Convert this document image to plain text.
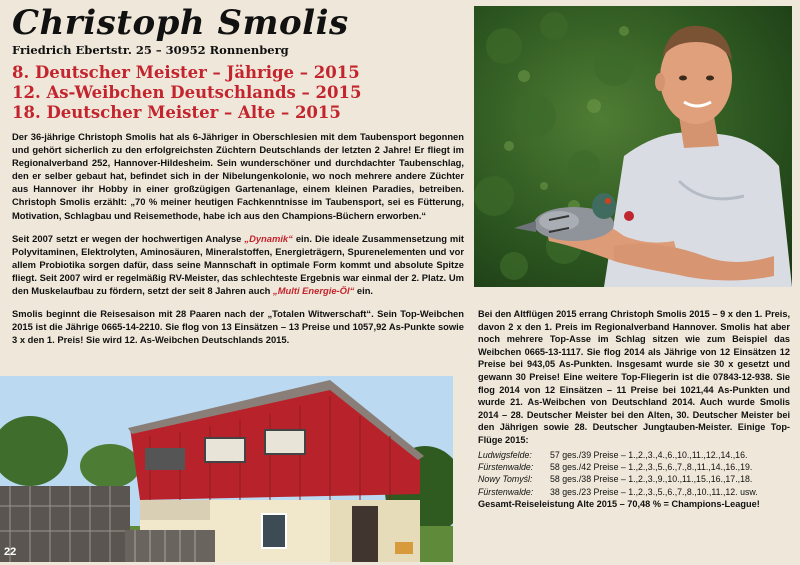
Christoph Smolis
Friedrich Ebertstr. 25 – 30952 Ronnenberg
8. Deutscher Meister – Jährige – 2015
12. As-Weibchen Deutschlands – 2015
18. Deutscher Meister – Alte – 2015

Der 36-jährige Christoph Smolis hat als 6-Jähriger in Oberschlesien mit dem Taubensport begonnen und gehört sicherlich zu den erfolgreichsten Züchtern Deutschlands der letzten 2 Jahre! Er fliegt im Regionalverband 252, Hannover-Hildesheim. Sein wunderschöner und durchdachter Taubenschlag, den er selber gebaut hat, befindet sich in der Nibelungenkolonie, wo noch mehrere andere Züchter aus Hannover ihr Hobby in einer großzügigen Gartenanlage, einem kleinen Paradies, betreiben. Christoph Smolis erzählt: „70 % meiner heutigen Fachkenntnisse im Taubensport, sei es Fütterung, Motivation, Schlagbau und Reisemethode, habe ich aus den Champions-Büchern erworben.“

Seit 2007 setzt er wegen der hochwertigen Analyse „Dynamik“ ein. Die ideale Zusammensetzung mit Polyvitaminen, Elektrolyten, Aminosäuren, Mineralstoffen, Energieträgern, Spurenelementen und vor allem Probiotika sorgen dafür, dass seine Mannschaft in optimale Form kommt und absolute Spitze fliegt. Seit 2007 wird er regelmäßig RV-Meister, das schlechteste Ergebnis war einmal der 2. Platz. Um den Muskelaufbau zu fördern, setzt der seit 8 Jahren auch „Multi Energie-Öl“ ein.

Smolis beginnt die Reisesaison mit 28 Paaren nach der „Totalen Witwerschaft“. Sein Top-Weibchen 2015 ist die Jährige 0665-14-2210. Sie flog von 13 Einsätzen – 13 Preise und 1057,92 As-Punkte sowie 3 x den 1. Preis! Sie wird 12. As-Weibchen Deutschlands 2015.

Bei den Altflügen 2015 errang Christoph Smolis 2015 – 9 x den 1. Preis, davon 2 x den 1. Preis im Regionalverband Hannover. Smolis hat aber noch mehrere Top-Asse im Schlag sitzen wie zum Beispiel das Weibchen 0665-13-1117. Sie flog 2014 als Jährige von 12 Einsätzen 12 Preise bei 943,05 As-Punkten. Insgesamt wurde sie 30 x gesetzt und gewann 30 Preise! Eine weitere Top-Fliegerin ist die 07843-12-938. Sie flog 2014 von 12 Einsätzen – 11 Preise bei 1021,44 As-Punkten und wurde 21. As-Weibchen von Deutschland 2014. Auch wurde Smolis 2014 – 28. Deutscher Meister bei den Alten, 30. Deutscher Meister bei den Jährigen sowie 28. Deutscher Jungtauben-Meister. Einige Top-Flüge 2015:

Ludwigsfelde:	57 ges./39 Preise – 1.,2.,3.,4.,6.,10.,11.,12.,14.,16.
Fürstenwalde:	58 ges./42 Preise – 1.,2.,3.,5.,6.,7.,8.,11.,14.,16.,19.
Nowy Tomyśl:	58 ges./38 Preise – 1.,2.,3.,9.,10.,11.,15.,16.,17.,18.
Fürstenwalde:	38 ges./23 Preise – 1.,2.,3.,5.,6.,7.,8.,10.,11.,12. usw.

Gesamt-Reiseleistung Alte 2015 – 70,48 % = Champions-League!

22
